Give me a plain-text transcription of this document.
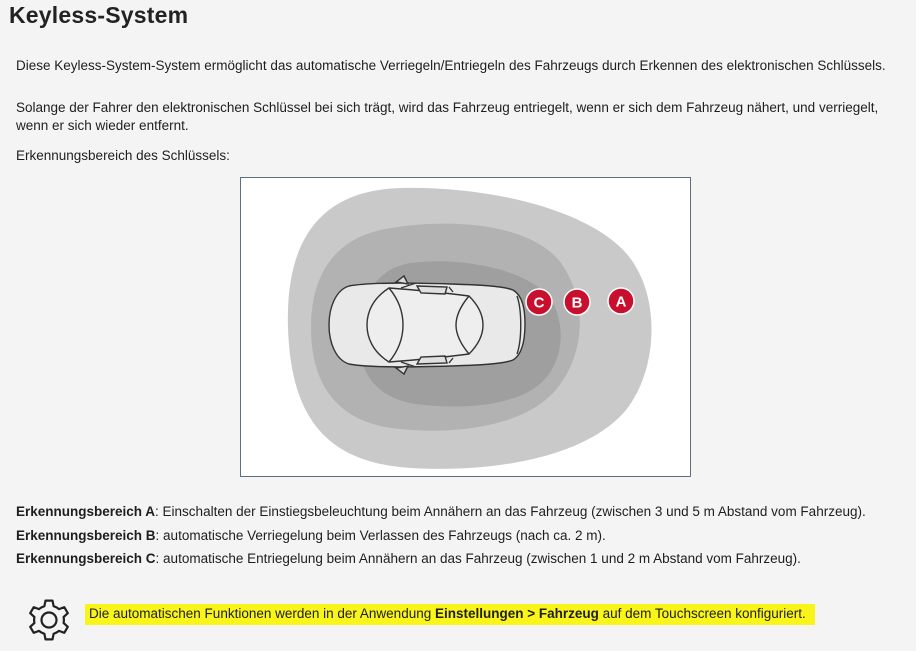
Keyless-System

Diese Keyless-System-System ermöglicht das automatische Verriegeln/Entriegeln des Fahrzeugs durch Erkennen des elektronischen Schlüssels.

Solange der Fahrer den elektronischen Schlüssel bei sich trägt, wird das Fahrzeug entriegelt, wenn er sich dem Fahrzeug nähert, und verriegelt, wenn er sich wieder entfernt.

Erkennungsbereich des Schlüssels:

C B A

Erkennungsbereich A: Einschalten der Einstiegsbeleuchtung beim Annähern an das Fahrzeug (zwischen 3 und 5 m Abstand vom Fahrzeug).

Erkennungsbereich B: automatische Verriegelung beim Verlassen des Fahrzeugs (nach ca. 2 m).

Erkennungsbereich C: automatische Entriegelung beim Annähern an das Fahrzeug (zwischen 1 und 2 m Abstand vom Fahrzeug).

Die automatischen Funktionen werden in der Anwendung Einstellungen > Fahrzeug auf dem Touchscreen konfiguriert.
